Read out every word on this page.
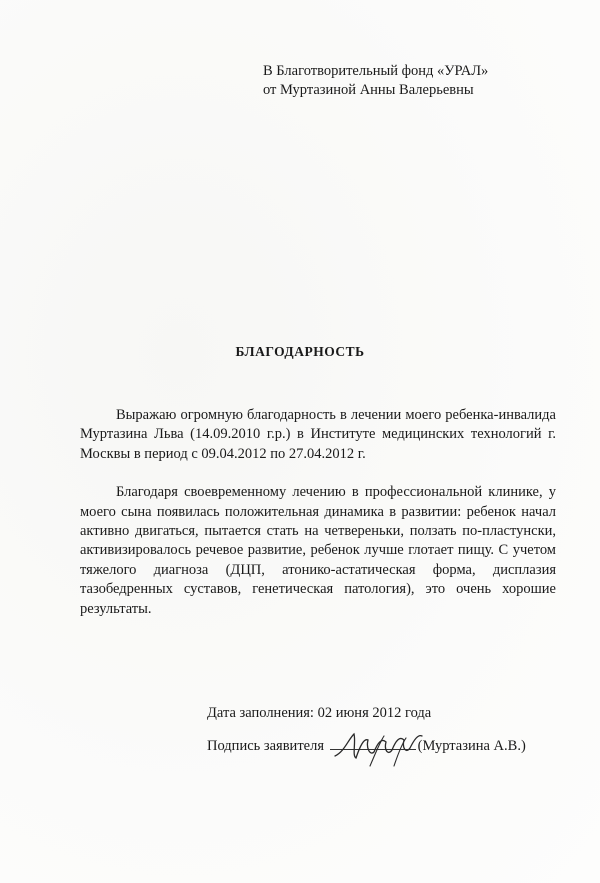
В Благотворительный фонд «УРАЛ»
от Муртазиной Анны Валерьевны
БЛАГОДАРНОСТЬ

Выражаю огромную благодарность в лечении моего ребенка-инвалида Муртазина Льва (14.09.2010 г.р.) в Институте медицинских технологий г. Москвы в период с 09.04.2012 по 27.04.2012 г.

Благодаря своевременному лечению в профессиональной клинике, у моего сына появилась положительная динамика в развитии: ребенок начал активно двигаться, пытается стать на четвереньки, ползать по-пластунски, активизировалось речевое развитие, ребенок лучше глотает пищу. С учетом тяжелого диагноза (ДЦП, атонико-астатическая форма, дисплазия тазобедренных суставов, генетическая патология), это очень хорошие результаты.

Дата заполнения: 02 июня 2012 года
Подпись заявителя	(Муртазина А.В.)
